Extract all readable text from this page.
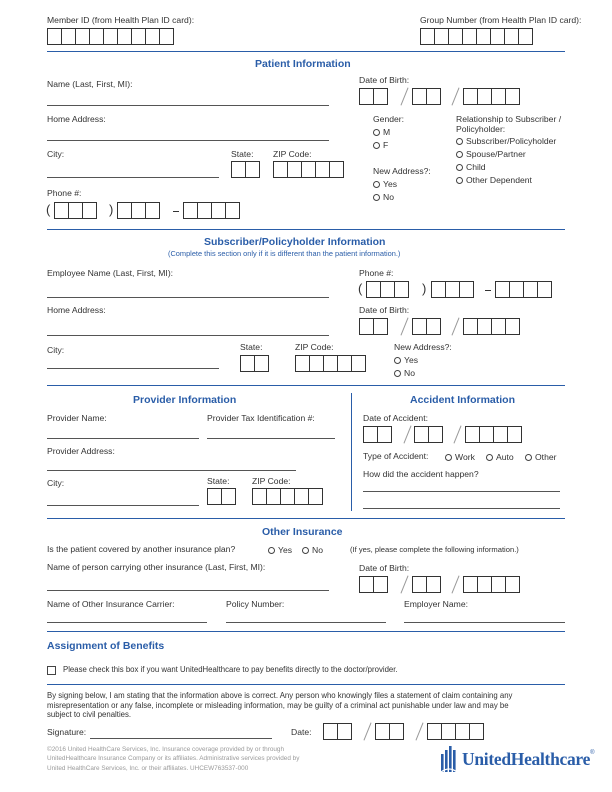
Member ID (from Health Plan ID card):	Group Number (from Health Plan ID card):
Patient Information
Name (Last, First, MI):	Date of Birth:
Home Address:	Gender:
M
F
Relationship to Subscriber /
Policyholder:
Subscriber/Policyholder
Spouse/Partner
Child
Other Dependent
City:	State: ZIP Code:
New Address?:
Yes
No
Phone #:
(	)
Subscriber/Policyholder Information
(Complete this section only if it is different than the patient information.)
Employee Name (Last, First, MI):	Phone #:
(	)
Home Address:	Date of Birth:
City:	State:	ZIP Code:	New Address?:
Yes
No
Provider Information
Provider Name:	Provider Tax Identification #:
Provider Address:
City:	State:	ZIP Code:
Accident Information
Date of Accident:
Type of Accident:	Work Auto Other
How did the accident happen?
Other Insurance
Is the patient covered by another insurance plan?	Yes No	(If yes, please complete the following information.)
Name of person carrying other insurance (Last, First, MI):	Date of Birth:
Name of Other Insurance Carrier:	Policy Number:	Employer Name:
Assignment of Benefits
Please check this box if you want UnitedHealthcare to pay benefits directly to the doctor/provider.
By signing below, I am stating that the information above is correct. Any person who knowingly files a statement of claim containing any
misrepresentation or any false, incomplete or misleading information, may be guilty of a criminal act punishable under law and may be
subject to civil penalties.
Signature:	Date:
©2016 United HealthCare Services, Inc. Insurance coverage provided by or through
UnitedHealthcare Insurance Company or its affiliates. Administrative services provided by
United HealthCare Services, Inc. or their affiliates. UHCEW763537-000	UnitedHealthcare ®
